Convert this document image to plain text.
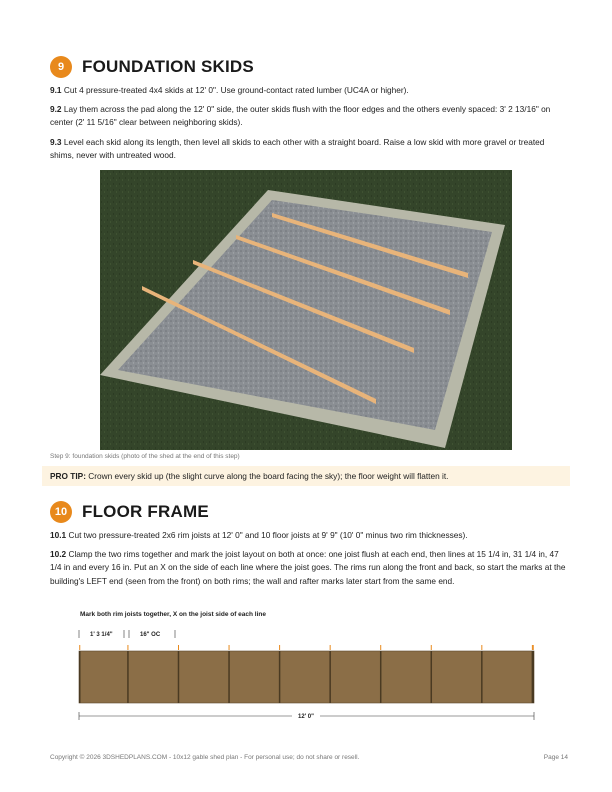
9 FOUNDATION SKIDS

9.1 Cut 4 pressure-treated 4x4 skids at 12' 0". Use ground-contact rated lumber (UC4A or higher).

9.2 Lay them across the pad along the 12' 0" side, the outer skids flush with the floor edges and the others evenly spaced: 3' 2 13/16" on center (2' 11 5/16" clear between neighboring skids).

9.3 Level each skid along its length, then level all skids to each other with a straight board. Raise a low skid with more gravel or treated shims, never with untreated wood.

Step 9: foundation skids (photo of the shed at the end of this step)
PRO TIP:
Crown every skid up (the slight curve along the board facing the sky); the floor weight will flatten it.
10 FLOOR FRAME

10.1 Cut two pressure-treated 2x6 rim joists at 12' 0" and 10 floor joists at 9' 9" (10' 0" minus two rim thicknesses).

10.2 Clamp the two rims together and mark the joist layout on both at once: one joist flush at each end, then lines at 15 1/4 in, 31 1/4 in, 47 1/4 in and every 16 in. Put an X on the side of each line where the joist goes. The rims run along the front and back, so start the marks at the building's LEFT end (seen from the front) on both rims; the wall and rafter marks later start from the same end.

Mark both rim joists together, X on the joist side of each line
1' 3 1/4"	16" OC
12' 0"
Copyright © 2026 3DSHEDPLANS.COM - 10x12 gable shed plan - For personal use; do not share or resell.	Page 14
